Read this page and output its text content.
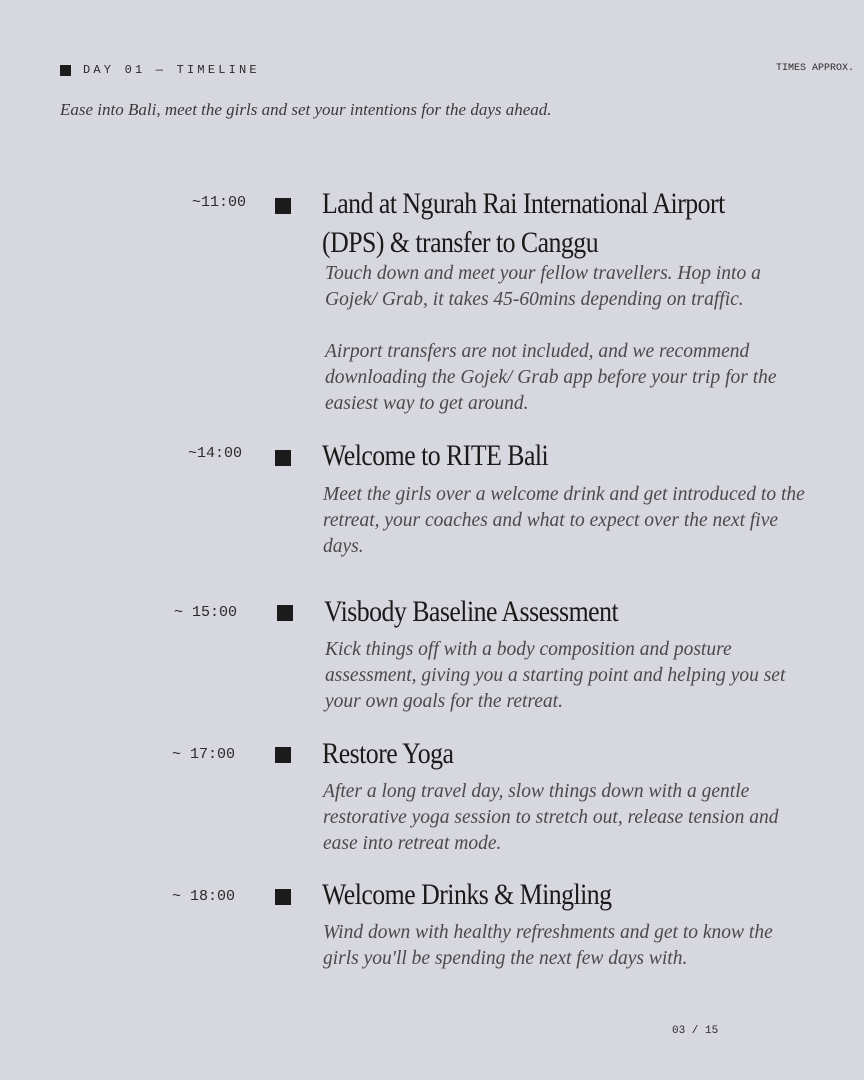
DAY 01 — TIMELINE	TIMES APPROX.
Ease into Bali, meet the girls and set your intentions for the days ahead.
~11:00	Land at Ngurah Rai International Airport
(DPS) & transfer to Canggu

Touch down and meet your fellow travellers. Hop into a Gojek/ Grab, it takes 45-60mins depending on traffic.

Airport transfers are not included, and we recommend downloading the Gojek/ Grab app before your trip for the easiest way to get around.

~14:00	Welcome to RITE Bali

Meet the girls over a welcome drink and get introduced to the retreat, your coaches and what to expect over the next five days.

~ 15:00	Visbody Baseline Assessment

Kick things off with a body composition and posture assessment, giving you a starting point and helping you set your own goals for the retreat.

~ 17:00	Restore Yoga

After a long travel day, slow things down with a gentle restorative yoga session to stretch out, release tension and ease into retreat mode.

~ 18:00	Welcome Drinks & Mingling

Wind down with healthy refreshments and get to know the girls you'll be spending the next few days with.

03 / 15
